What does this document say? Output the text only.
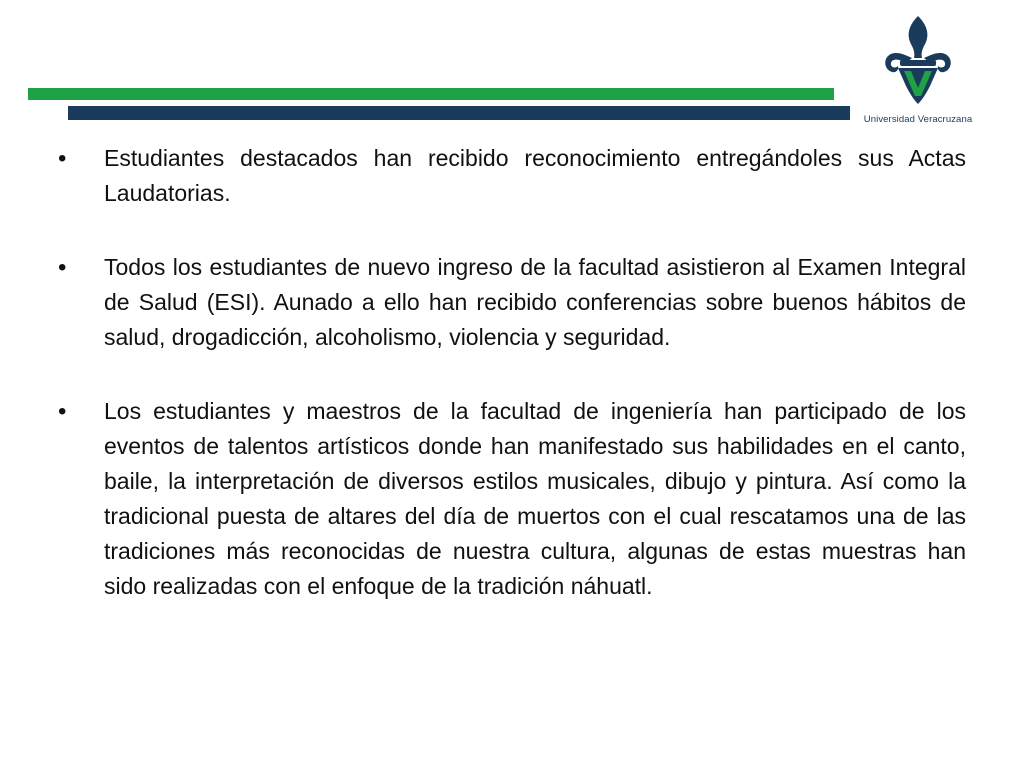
Universidad Veracruzana
•	Estudiantes destacados han recibido reconocimiento entregándoles sus Actas Laudatorias.
•	Todos los estudiantes de nuevo ingreso de la facultad asistieron al Examen Integral de Salud (ESI). Aunado a ello han recibido conferencias sobre buenos hábitos de salud, drogadicción, alcoholismo, violencia y seguridad.
•	Los estudiantes y maestros de la facultad de ingeniería han participado de los eventos de talentos artísticos donde han manifestado sus habilidades en el canto, baile, la interpretación de diversos estilos musicales, dibujo y pintura. Así como la tradicional puesta de altares del día de muertos con el cual rescatamos una de las tradiciones más reconocidas de nuestra cultura, algunas de estas muestras han sido realizadas con el enfoque de la tradición náhuatl.
